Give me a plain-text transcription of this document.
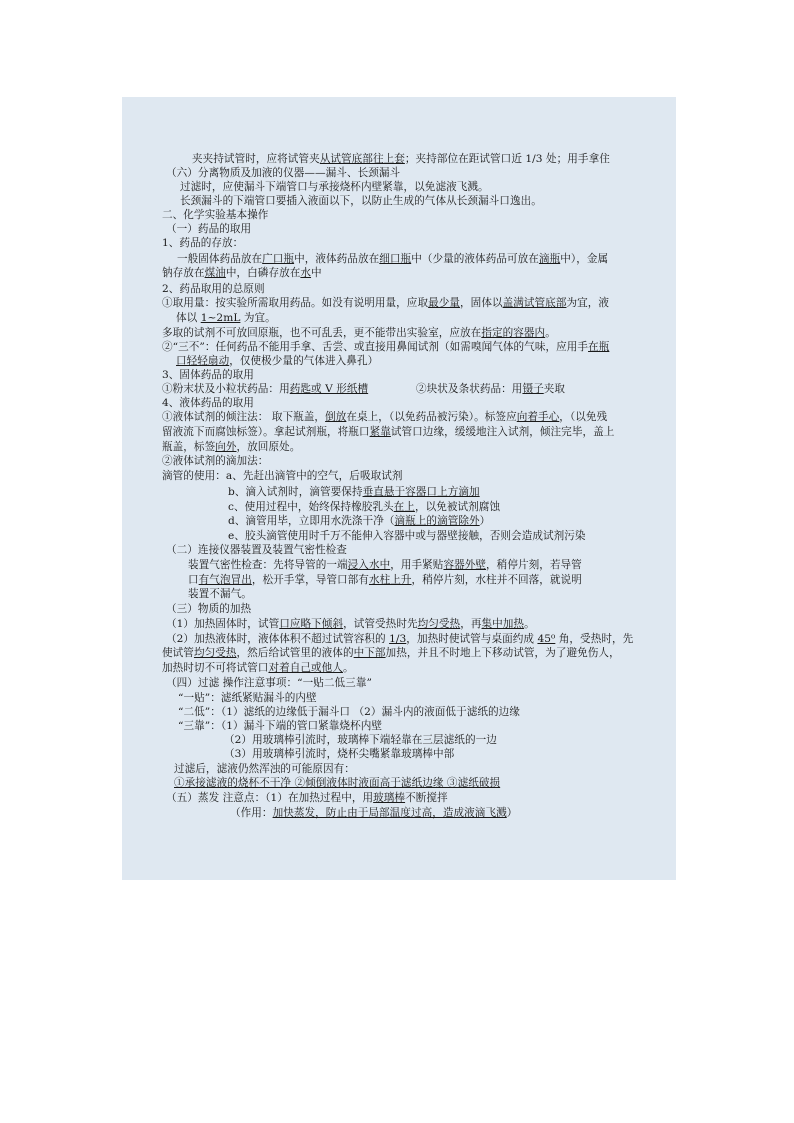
夹夹持试管时，应将试管夹从试管底部往上套；夹持部位在距试管口近 1/3 处；用手拿住
（六）分离物质及加液的仪器——漏斗、长颈漏斗
过滤时，应使漏斗下端管口与承接烧杯内壁紧靠，以免滤液飞溅。
长颈漏斗的下端管口要插入液面以下，以防止生成的气体从长颈漏斗口逸出。
二、化学实验基本操作
（一）药品的取用
1、药品的存放：
一般固体药品放在广口瓶中，液体药品放在细口瓶中（少量的液体药品可放在滴瓶中），金属
钠存放在煤油中，白磷存放在水中
2、药品取用的总原则
①取用量：按实验所需取用药品。如没有说明用量，应取最少量，固体以盖满试管底部为宜，液
体以 1~2mL 为宜。
多取的试剂不可放回原瓶，也不可乱丢，更不能带出实验室，应放在指定的容器内。
②“三不”：任何药品不能用手拿、舌尝、或直接用鼻闻试剂（如需嗅闻气体的气味，应用手在瓶
口轻轻扇动，仅使极少量的气体进入鼻孔）
3、固体药品的取用
①粉末状及小粒状药品：用药匙或 V 形纸槽	②块状及条状药品：用镊子夹取
4、液体药品的取用
①液体试剂的倾注法： 取下瓶盖，倒放在桌上，（以免药品被污染）。标签应向着手心，（以免残
留液流下而腐蚀标签）。拿起试剂瓶，将瓶口紧靠试管口边缘，缓缓地注入试剂，倾注完毕，盖上
瓶盖，标签向外，放回原处。
②液体试剂的滴加法：
滴管的使用：a、先赶出滴管中的空气，后吸取试剂
b、滴入试剂时，滴管要保持垂直悬于容器口上方滴加
c、使用过程中，始终保持橡胶乳头在上，以免被试剂腐蚀
d、滴管用毕，立即用水洗涤干净（滴瓶上的滴管除外）
e、胶头滴管使用时千万不能伸入容器中或与器壁接触，否则会造成试剂污染
（二）连接仪器装置及装置气密性检查
装置气密性检查：先将导管的一端浸入水中，用手紧贴容器外壁，稍停片刻，若导管
口有气泡冒出，松开手掌，导管口部有水柱上升，稍停片刻，水柱并不回落，就说明
装置不漏气。
（三）物质的加热
（1）加热固体时，试管口应略下倾斜，试管受热时先均匀受热，再集中加热。
（2）加热液体时，液体体积不超过试管容积的 1/3，加热时使试管与桌面约成 45⁰ 角，受热时，先
使试管均匀受热，然后给试管里的液体的中下部加热，并且不时地上下移动试管，为了避免伤人，
加热时切不可将试管口对着自己或他人。
（四）过滤 操作注意事项：“一贴二低三靠”
“一贴”：滤纸紧贴漏斗的内壁
“二低”：（1）滤纸的边缘低于漏斗口 （2）漏斗内的液面低于滤纸的边缘
“三靠”：（1）漏斗下端的管口紧靠烧杯内壁
（2）用玻璃棒引流时，玻璃棒下端轻靠在三层滤纸的一边
（3）用玻璃棒引流时，烧杯尖嘴紧靠玻璃棒中部
过滤后，滤液仍然浑浊的可能原因有：
①承接滤液的烧杯不干净 ②倾倒液体时液面高于滤纸边缘 ③滤纸破损
（五）蒸发 注意点：（1）在加热过程中，用玻璃棒不断搅拌
（作用：加快蒸发，防止由于局部温度过高，造成液滴飞溅）
